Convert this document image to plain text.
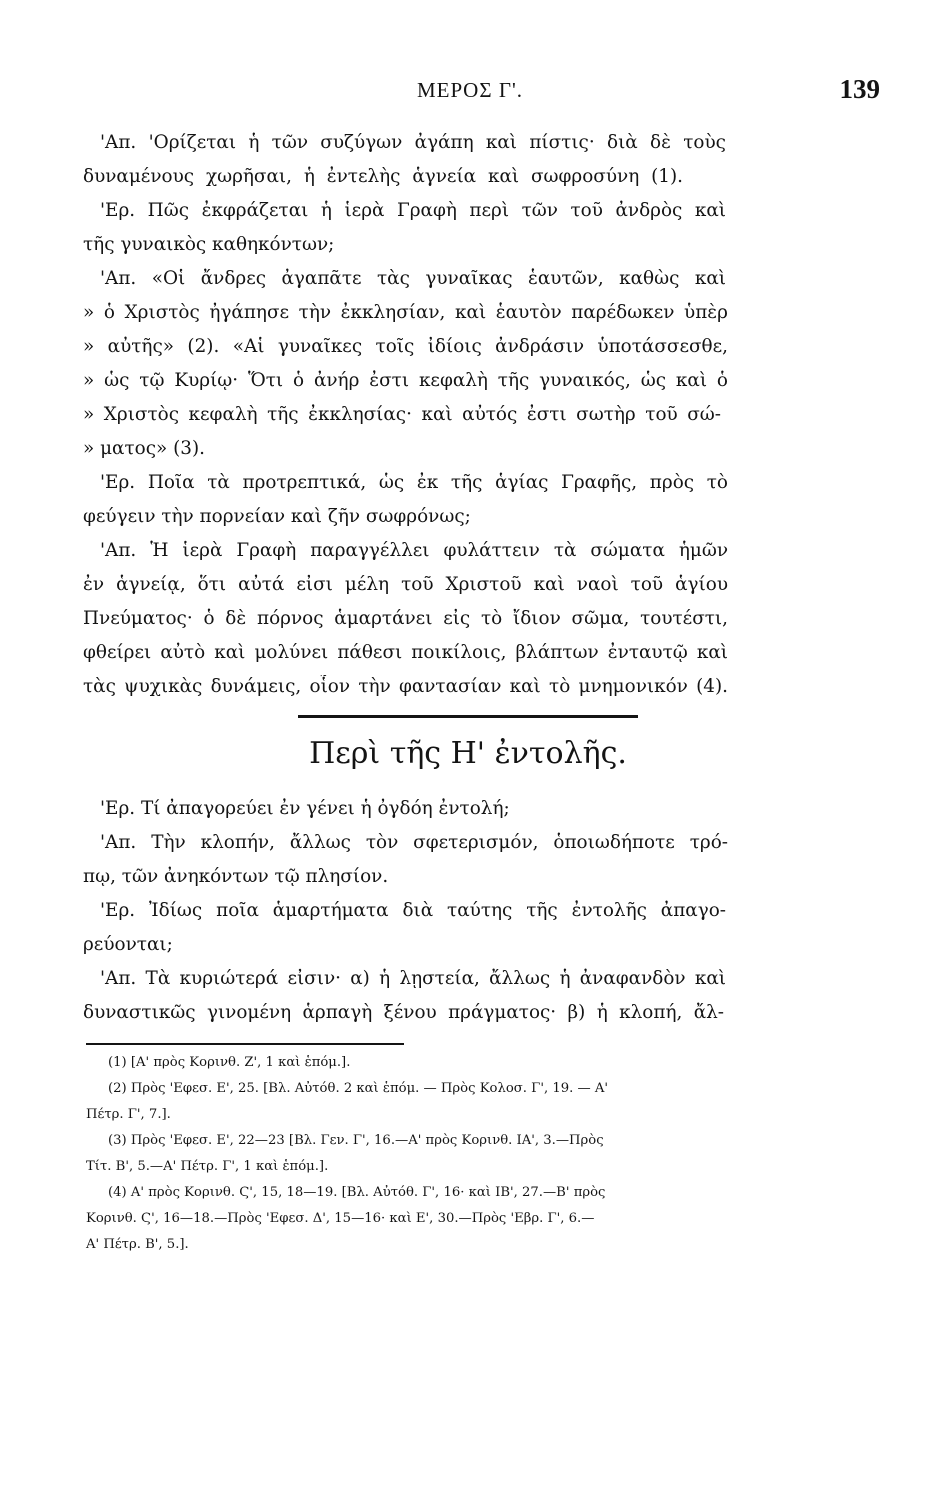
ΜΕΡΟΣ Γ'.	139
'Απ. 'Ορίζεται ἡ τῶν συζύγων ἀγάπη καὶ πίστις· διὰ δὲ τοὺς
δυναμένους χωρῆσαι, ἡ ἐντελὴς ἁγνεία καὶ σωφροσύνη (1).
'Ερ. Πῶς ἐκφράζεται ἡ ἱερὰ Γραφὴ περὶ τῶν τοῦ ἀνδρὸς καὶ
τῆς γυναικὸς καθηκόντων;
'Απ. «Οἱ ἄνδρες ἀγαπᾶτε τὰς γυναῖκας ἑαυτῶν, καθὼς καὶ
» ὁ Χριστὸς ἠγάπησε τὴν ἐκκλησίαν, καὶ ἑαυτὸν παρέδωκεν ὑπὲρ
» αὐτῆς» (2). «Αἱ γυναῖκες τοῖς ἰδίοις ἀνδράσιν ὑποτάσσεσθε,
» ὡς τῷ Κυρίῳ· Ὅτι ὁ ἀνήρ ἐστι κεφαλὴ τῆς γυναικός, ὡς καὶ ὁ
» Χριστὸς κεφαλὴ τῆς ἐκκλησίας· καὶ αὐτός ἐστι σωτὴρ τοῦ σώ-
» ματος» (3).
'Ερ. Ποῖα τὰ προτρεπτικά, ὡς ἐκ τῆς ἁγίας Γραφῆς, πρὸς τὸ
φεύγειν τὴν πορνείαν καὶ ζῆν σωφρόνως;
'Απ. Ἡ ἱερὰ Γραφὴ παραγγέλλει φυλάττειν τὰ σώματα ἡμῶν
ἐν ἁγνείᾳ, ὅτι αὐτά εἰσι μέλη τοῦ Χριστοῦ καὶ ναοὶ τοῦ ἁγίου
Πνεύματος· ὁ δὲ πόρνος ἁμαρτάνει εἰς τὸ ἴδιον σῶμα, τουτέστι,
φθείρει αὐτὸ καὶ μολύνει πάθεσι ποικίλοις, βλάπτων ἐνταυτῷ καὶ
τὰς ψυχικὰς δυνάμεις, οἷον τὴν φαντασίαν καὶ τὸ μνημονικόν (4).
Περὶ τῆς Η' ἐντολῆς.
'Ερ. Τί ἀπαγορεύει ἐν γένει ἡ ὀγδόη ἐντολή;
'Απ. Τὴν κλοπήν, ἄλλως τὸν σφετερισμόν, ὁποιωδήποτε τρό-
πῳ, τῶν ἀνηκόντων τῷ πλησίον.
'Ερ. Ἰδίως ποῖα ἁμαρτήματα διὰ ταύτης τῆς ἐντολῆς ἀπαγο-
ρεύονται;
'Απ. Τὰ κυριώτερά εἰσιν· α) ἡ λῃστεία, ἄλλως ἡ ἀναφανδὸν καὶ
δυναστικῶς γινομένη ἁρπαγὴ ξένου πράγματος· β) ἡ κλοπή, ἄλ-
(1) [Α' πρὸς Κορινθ. Ζ', 1 καὶ ἑπόμ.].
(2) Πρὸς 'Εφεσ. Ε', 25. [Βλ. Αὐτόθ. 2 καὶ ἑπόμ. — Πρὸς Κολοσ. Γ', 19. — Α'
Πέτρ. Γ', 7.].
(3) Πρὸς 'Εφεσ. Ε', 22—23 [Βλ. Γεν. Γ', 16.—Α' πρὸς Κορινθ. ΙΑ', 3.—Πρὸς
Τίτ. Β', 5.—Α' Πέτρ. Γ', 1 καὶ ἑπόμ.].
(4) Α' πρὸς Κορινθ. Ϛ', 15, 18—19. [Βλ. Αὐτόθ. Γ', 16· καὶ ΙΒ', 27.—Β' πρὸς
Κορινθ. Ϛ', 16—18.—Πρὸς 'Εφεσ. Δ', 15—16· καὶ Ε', 30.—Πρὸς 'Εβρ. Γ', 6.—
Α' Πέτρ. Β', 5.].
